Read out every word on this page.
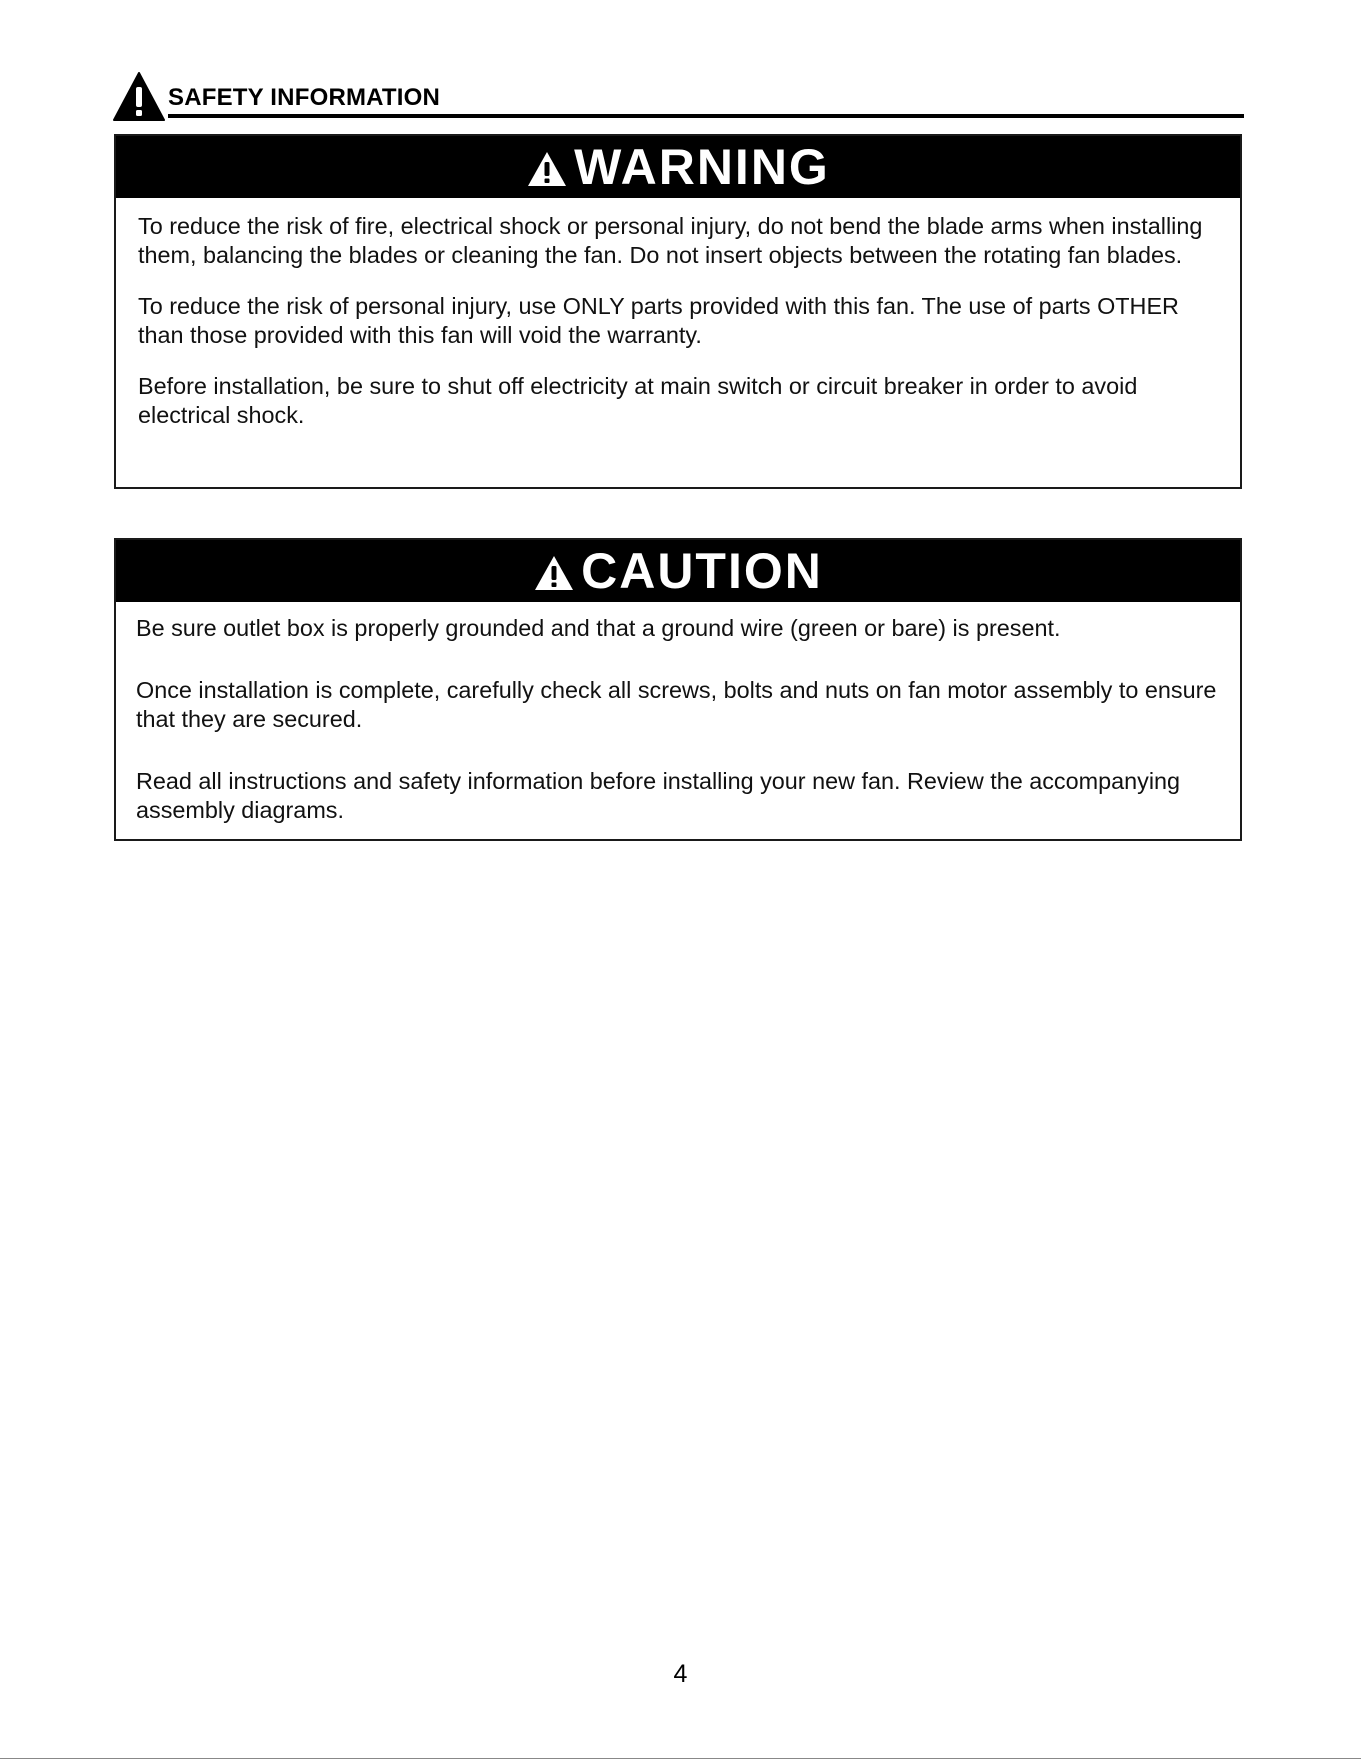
SAFETY INFORMATION
WARNING

To reduce the risk of fire, electrical shock or personal injury, do not bend the blade arms when installing them, balancing the blades or cleaning the fan. Do not insert objects between the rotating fan blades.

To reduce the risk of personal injury, use ONLY parts provided with this fan. The use of parts OTHER than those provided with this fan will void the warranty.

Before installation, be sure to shut off electricity at main switch or circuit breaker in order to avoid electrical shock.

CAUTION

Be sure outlet box is properly grounded and that a ground wire (green or bare) is present.

Once installation is complete, carefully check all screws, bolts and nuts on fan motor assembly to ensure that they are secured.

Read all instructions and safety information before installing your new fan. Review the accompanying assembly diagrams.

4
